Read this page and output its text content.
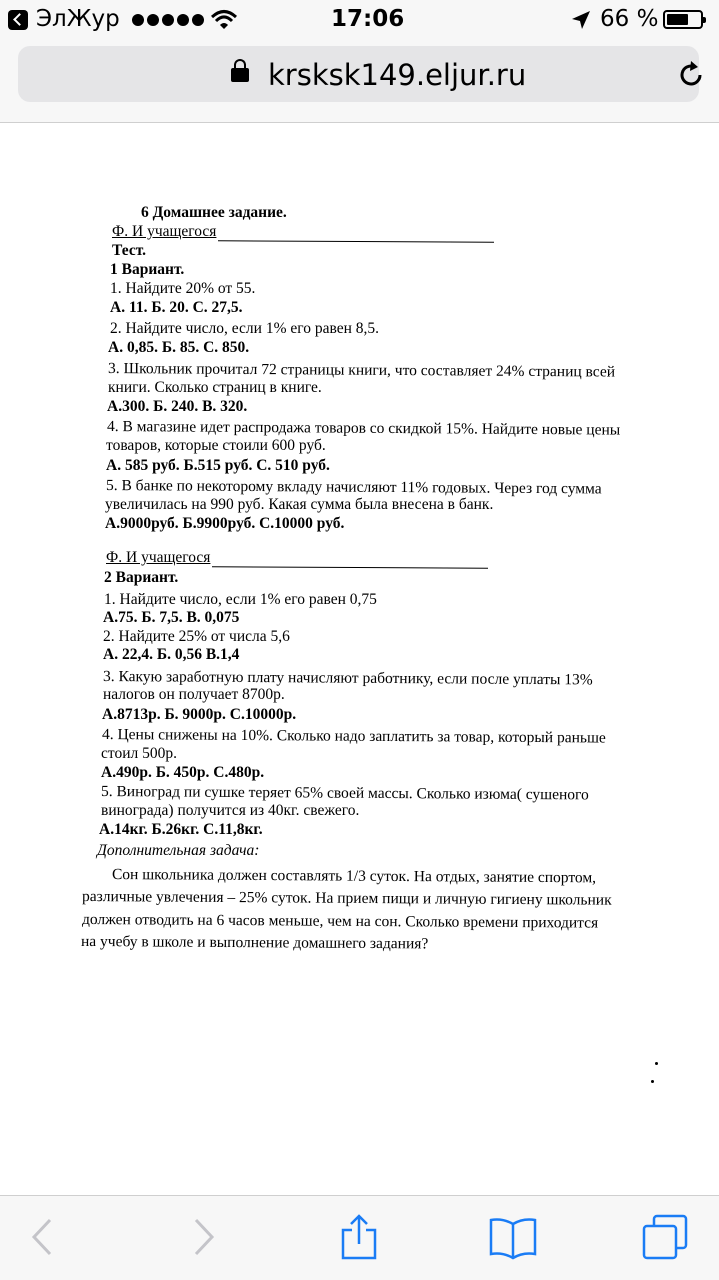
ЭлЖур	17:06	66 %
krsksk149.eljur.ru
6 Домашнее задание.
Ф. И учащегося
Тест.
1 Вариант.
1. Найдите 20% от 55.
А. 11. Б. 20. С. 27,5.
2. Найдите число, если 1% его равен 8,5.
А. 0,85. Б. 85. С. 850.
3. Школьник прочитал 72 страницы книги, что составляет 24% страниц всей
книги. Сколько страниц в книге.
А.300. Б. 240. В. 320.
4. В магазине идет распродажа товаров со скидкой 15%. Найдите новые цены
товаров, которые стоили 600 руб.
А. 585 руб. Б.515 руб. С. 510 руб.
5. В банке по некоторому вкладу начисляют 11% годовых. Через год сумма
увеличилась на 990 руб. Какая сумма была внесена в банк.
А.9000руб. Б.9900руб. С.10000 руб.
Ф. И учащегося
2 Вариант.
1. Найдите число, если 1% его равен 0,75
А.75. Б. 7,5. В. 0,075
2. Найдите 25% от числа 5,6
А. 22,4. Б. 0,56 В.1,4
3. Какую заработную плату начисляют работнику, если после уплаты 13%
налогов он получает 8700р.
А.8713р. Б. 9000р. С.10000р.
4. Цены снижены на 10%. Сколько надо заплатить за товар, который раньше
стоил 500р.
А.490р. Б. 450р. С.480р.
5. Виноград пи сушке теряет 65% своей массы. Сколько изюма( сушеного
винограда) получится из 40кг. свежего.
А.14кг. Б.26кг. С.11,8кг.
Дополнительная задача:
Сон школьника должен составлять 1/3 суток. На отдых, занятие спортом,
различные увлечения – 25% суток. На прием пищи и личную гигиену школьник
должен отводить на 6 часов меньше, чем на сон. Сколько времени приходится
на учебу в школе и выполнение домашнего задания?
